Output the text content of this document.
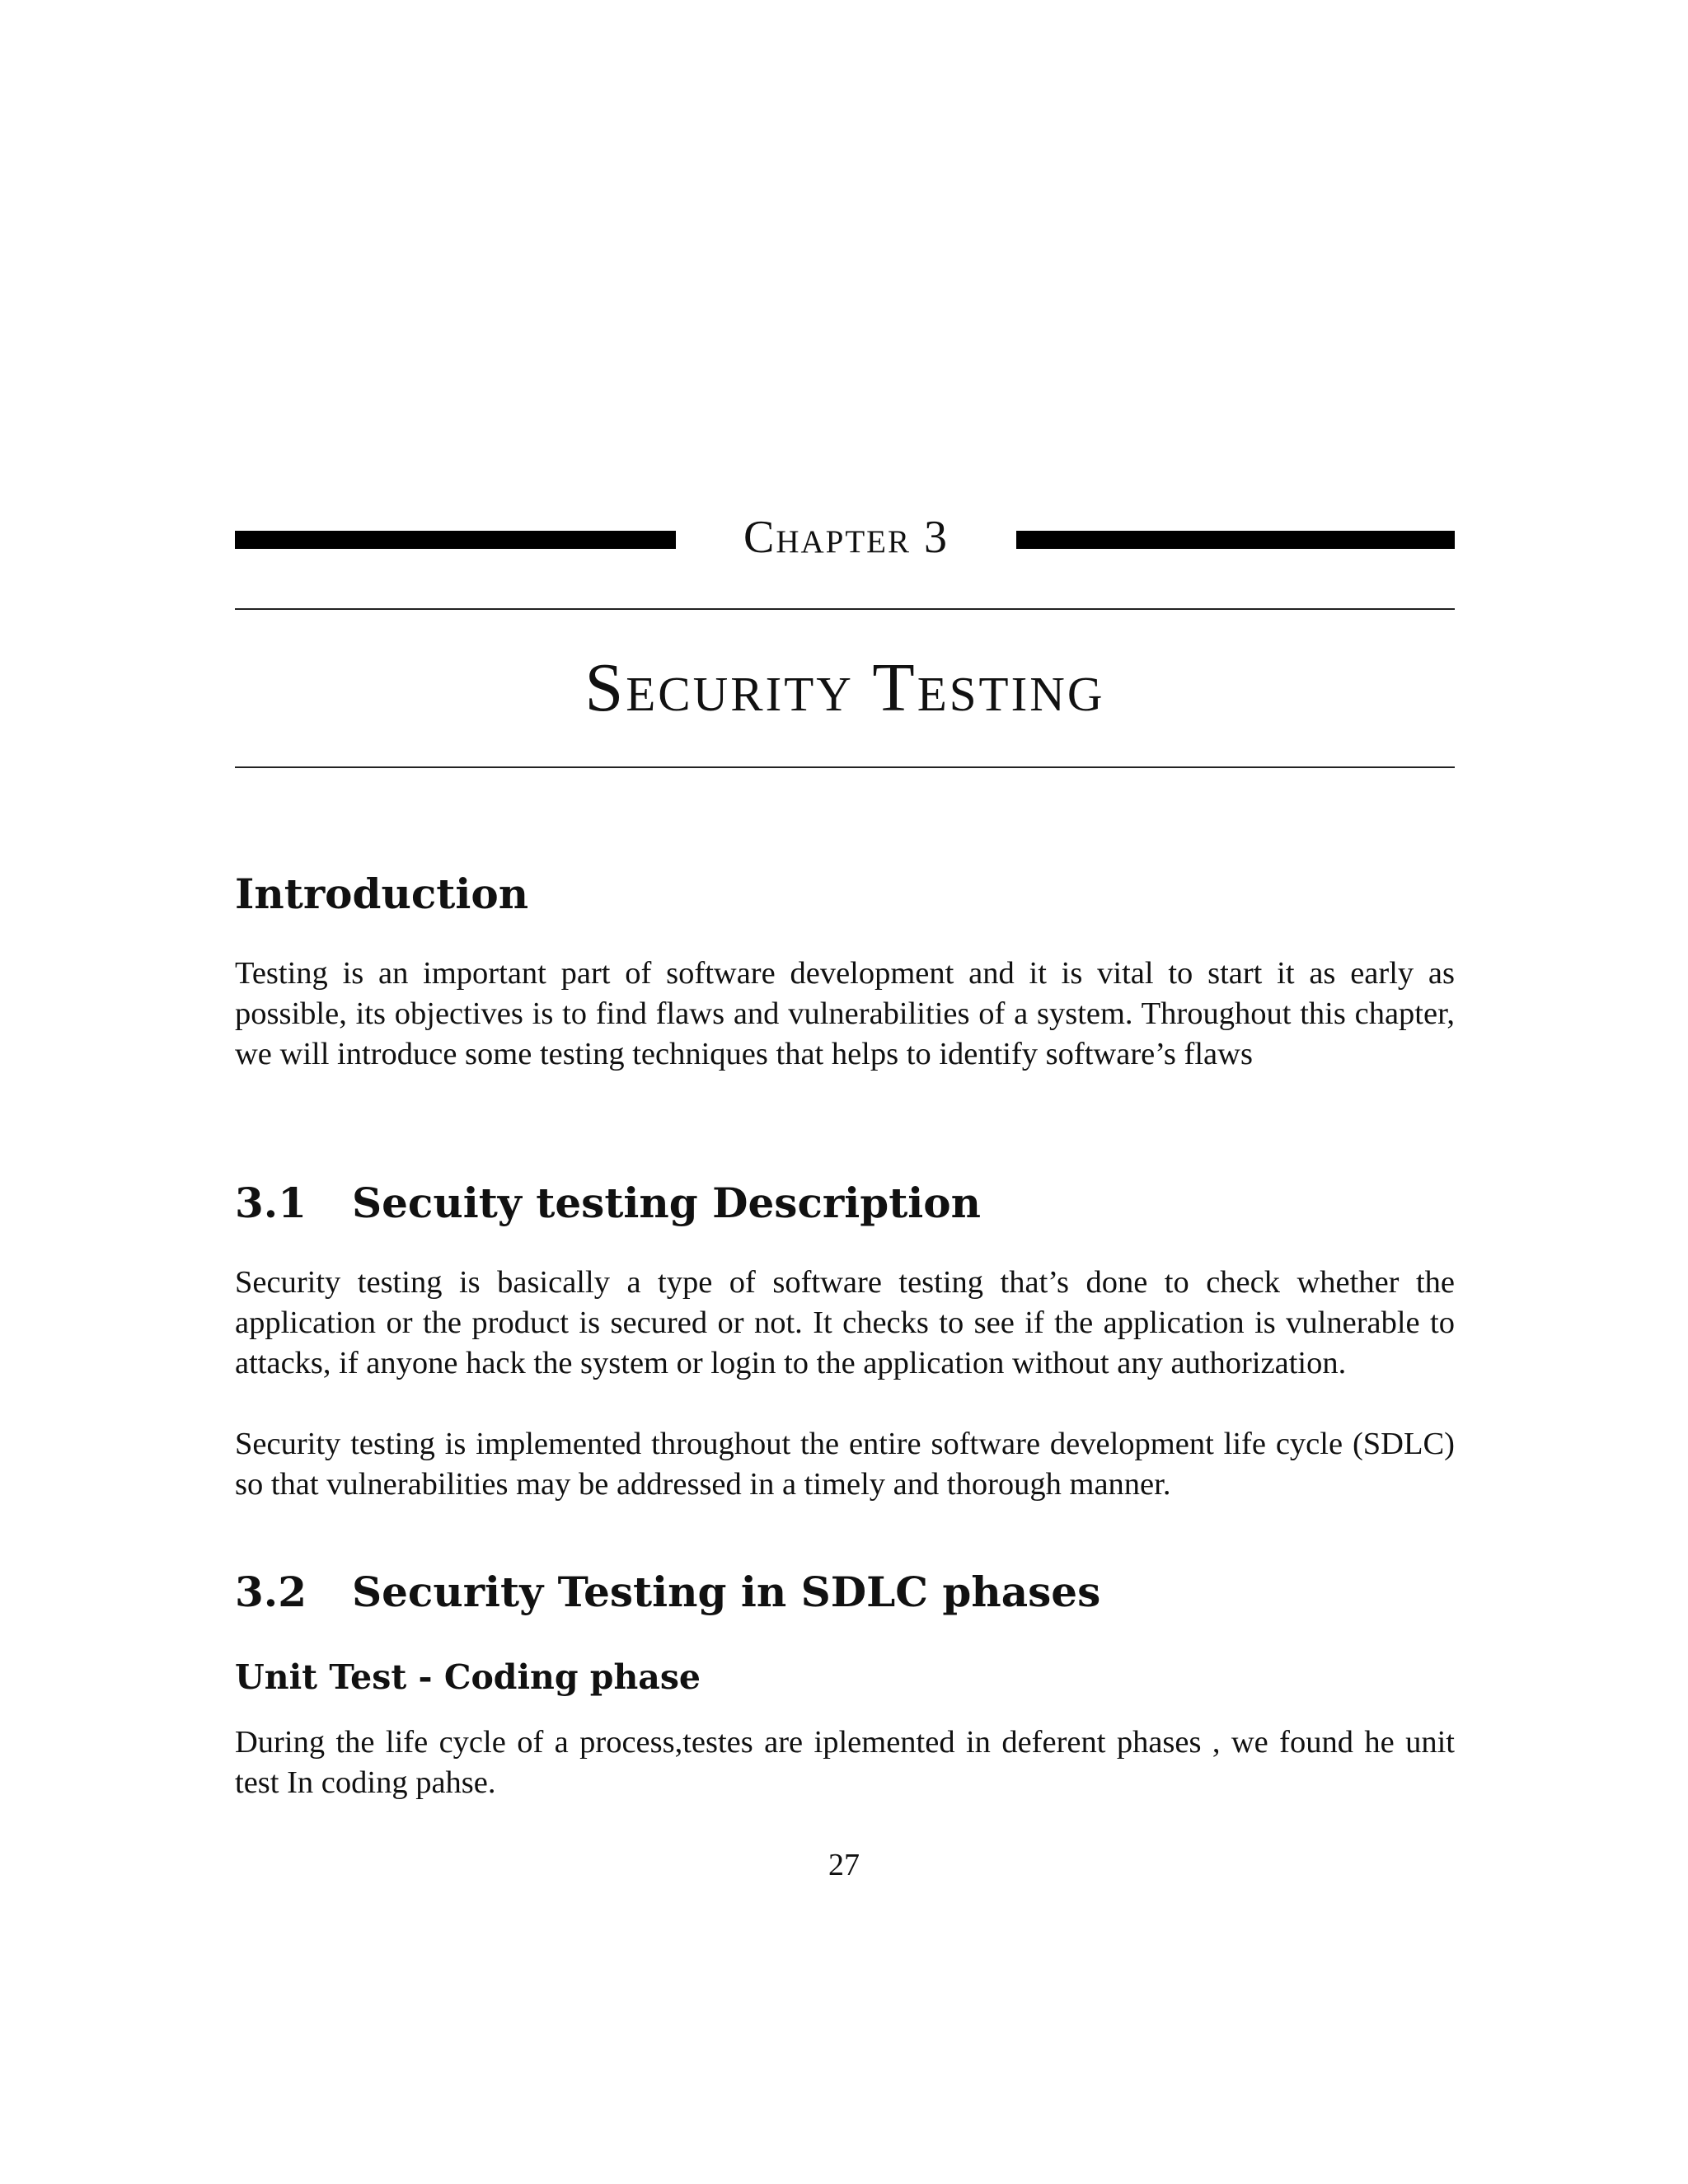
Chapter 3
Security Testing
Introduction

Testing is an important part of software development and it is vital to start it as early as possible, its objectives is to find flaws and vulnerabilities of a system. Throughout this chapter, we will introduce some testing techniques that helps to identify software’s flaws

3.1 Secuity testing Description

Security testing is basically a type of software testing that’s done to check whether the application or the product is secured or not. It checks to see if the application is vulnerable to attacks, if anyone hack the system or login to the application without any authorization.

Security testing is implemented throughout the entire software development life cycle (SDLC) so that vulnerabilities may be addressed in a timely and thorough manner.

3.2 Security Testing in SDLC phases
Unit Test - Coding phase

During the life cycle of a process,testes are iplemented in deferent phases , we found he unit test In coding pahse.

27
